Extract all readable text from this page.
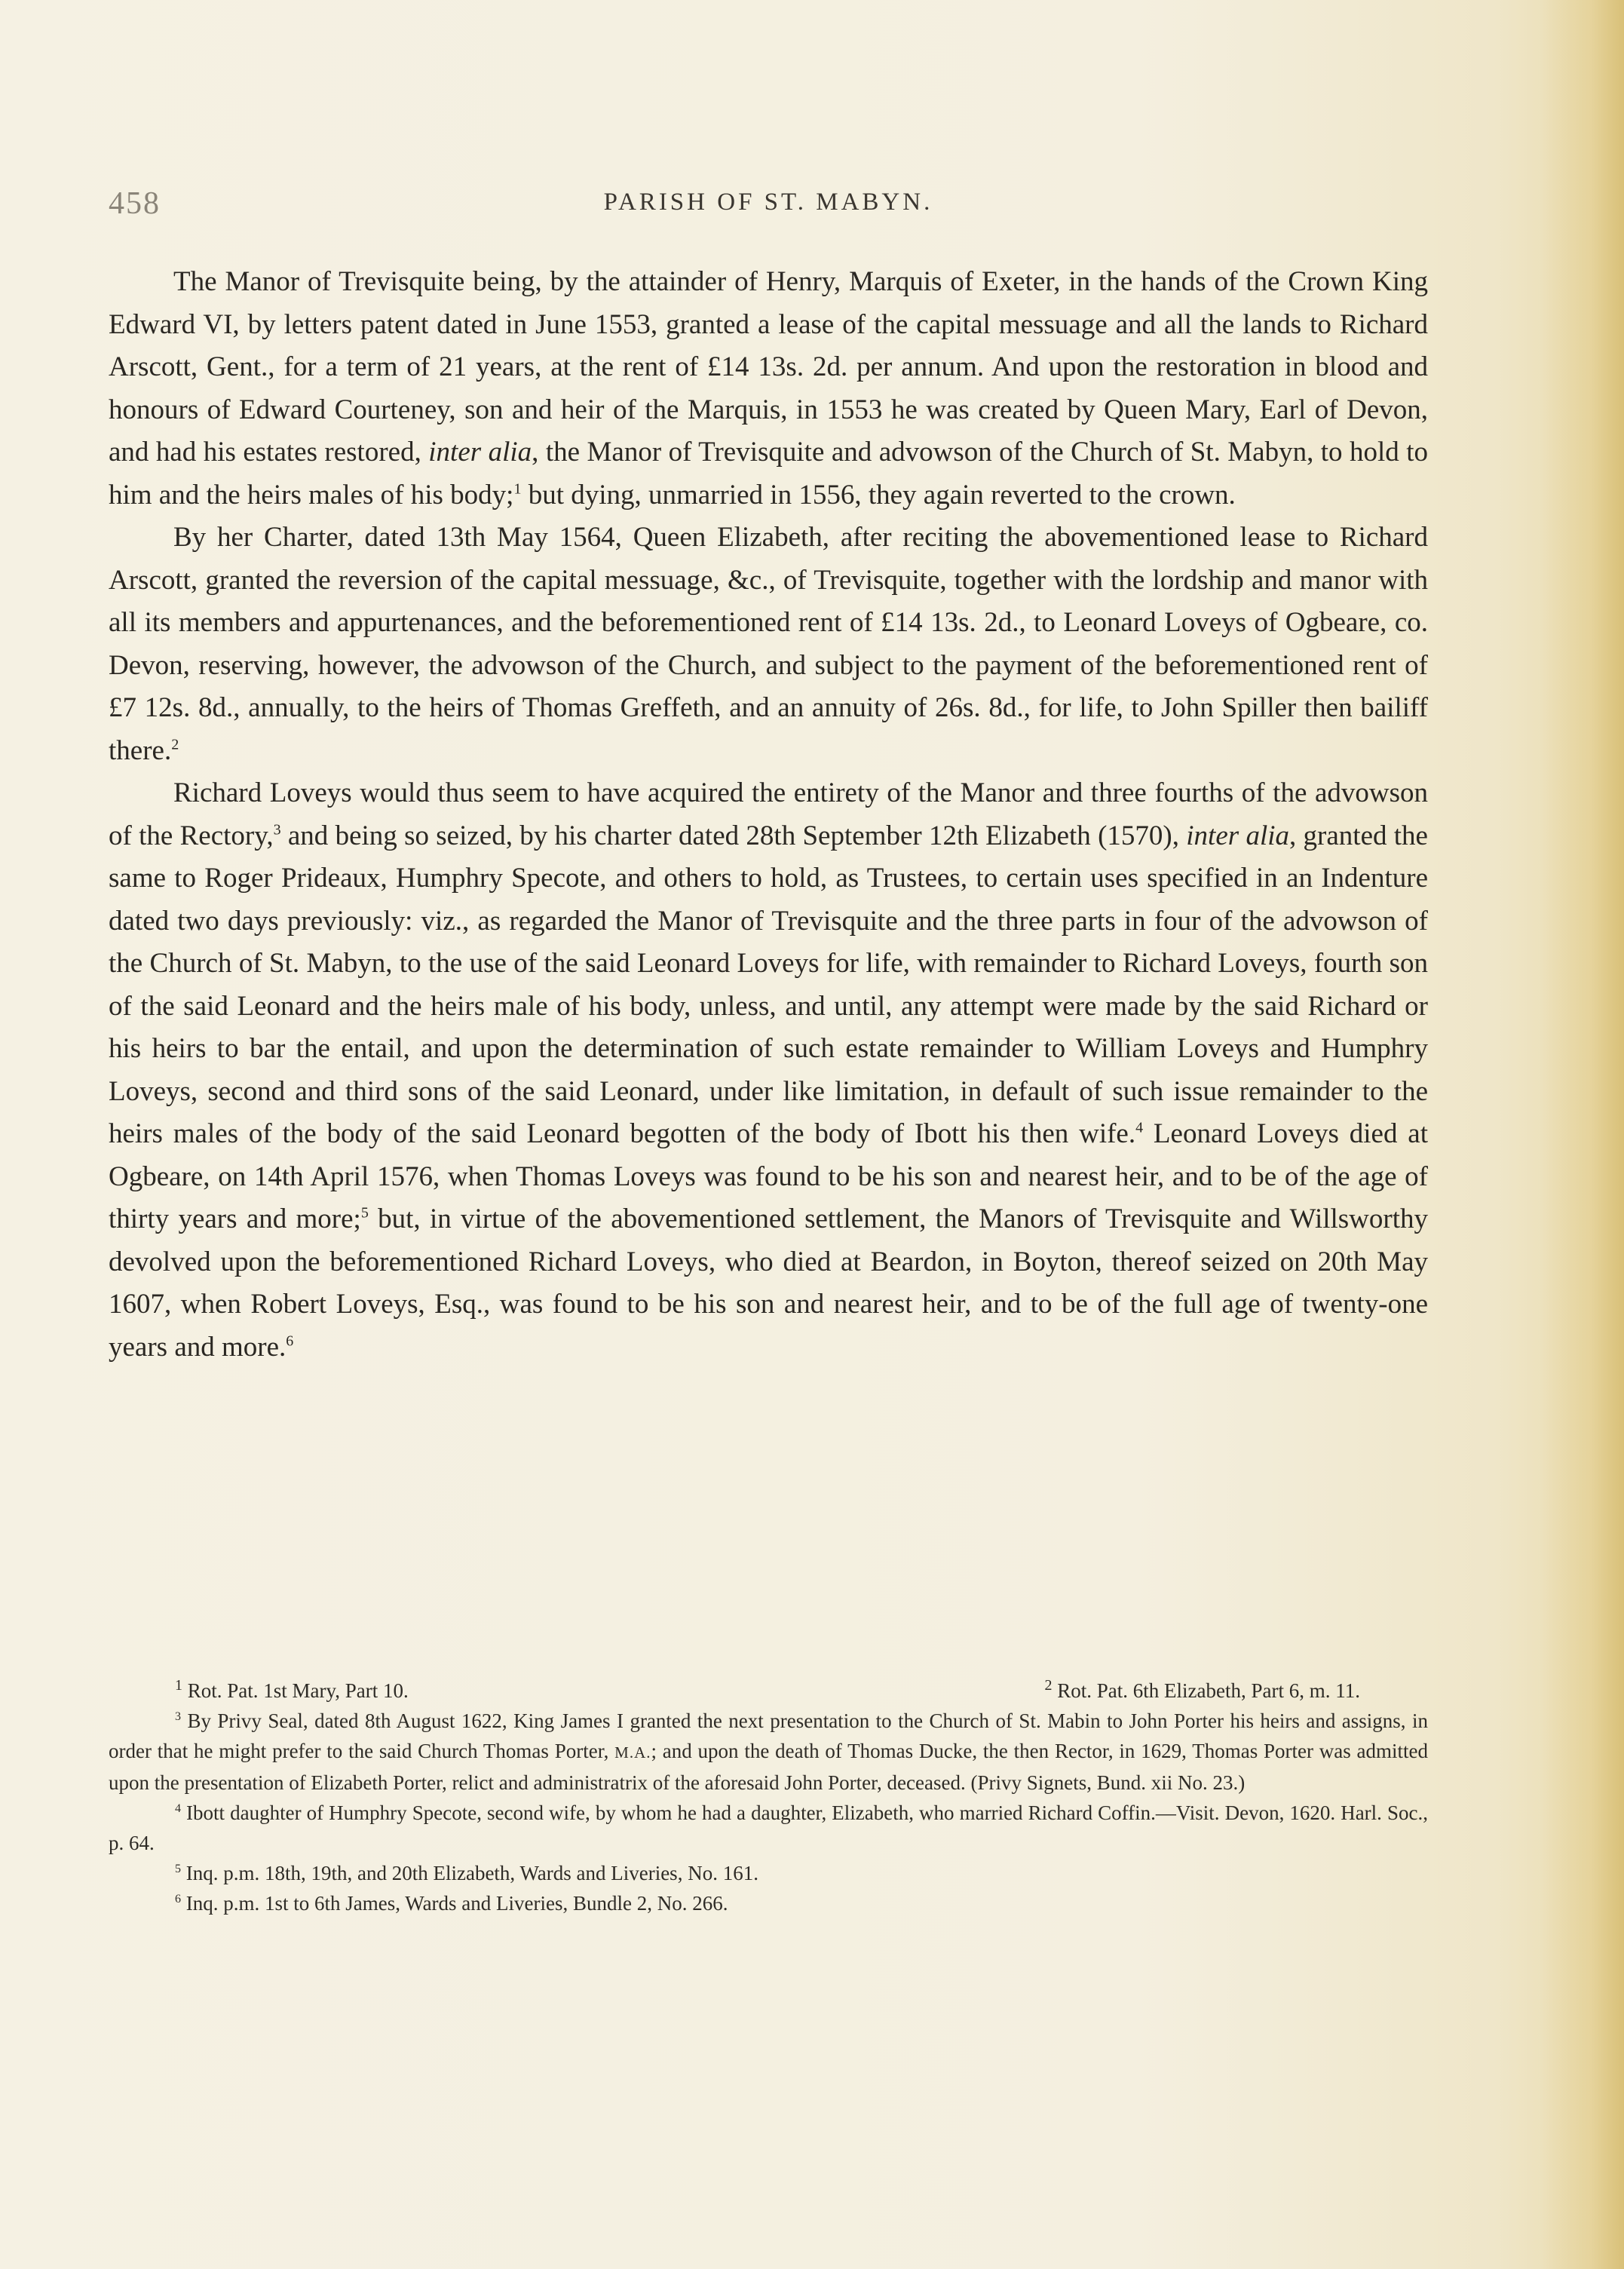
458	PARISH OF ST. MABYN.

The Manor of Trevisquite being, by the attainder of Henry, Marquis of Exeter, in the hands of the Crown King Edward VI, by letters patent dated in June 1553, granted a lease of the capital messuage and all the lands to Richard Arscott, Gent., for a term of 21 years, at the rent of £14 13s. 2d. per annum. And upon the restoration in blood and honours of Edward Courteney, son and heir of the Marquis, in 1553 he was created by Queen Mary, Earl of Devon, and had his estates restored, inter alia, the Manor of Trevisquite and advowson of the Church of St. Mabyn, to hold to him and the heirs males of his body;$^1$ but dying, unmarried in 1556, they again reverted to the crown.

By her Charter, dated 13th May 1564, Queen Elizabeth, after reciting the abovementioned lease to Richard Arscott, granted the reversion of the capital messuage, &c., of Trevisquite, together with the lordship and manor with all its members and appurtenances, and the beforementioned rent of £14 13s. 2d., to Leonard Loveys of Ogbeare, co. Devon, reserving, however, the advowson of the Church, and subject to the payment of the beforementioned rent of £7 12s. 8d., annually, to the heirs of Thomas Greffeth, and an annuity of 26s. 8d., for life, to John Spiller then bailiff there.$^2$

Richard Loveys would thus seem to have acquired the entirety of the Manor and three fourths of the advowson of the Rectory,$^3$ and being so seized, by his charter dated 28th September 12th Elizabeth (1570), inter alia, granted the same to Roger Prideaux, Humphry Specote, and others to hold, as Trustees, to certain uses specified in an Indenture dated two days previously: viz., as regarded the Manor of Trevisquite and the three parts in four of the advowson of the Church of St. Mabyn, to the use of the said Leonard Loveys for life, with remainder to Richard Loveys, fourth son of the said Leonard and the heirs male of his body, unless, and until, any attempt were made by the said Richard or his heirs to bar the entail, and upon the determination of such estate remainder to William Loveys and Humphry Loveys, second and third sons of the said Leonard, under like limitation, in default of such issue remainder to the heirs males of the body of the said Leonard begotten of the body of Ibott his then wife.$^4$ Leonard Loveys died at Ogbeare, on 14th April 1576, when Thomas Loveys was found to be his son and nearest heir, and to be of the age of thirty years and more;$^5$ but, in virtue of the abovementioned settlement, the Manors of Trevisquite and Willsworthy devolved upon the beforementioned Richard Loveys, who died at Beardon, in Boyton, thereof seized on 20th May 1607, when Robert Loveys, Esq., was found to be his son and nearest heir, and to be of the full age of twenty-one years and more.$^6$

$^1$ Rot. Pat. 1st Mary, Part 10.	$^2$ Rot. Pat. 6th Elizabeth, Part 6, m. 11.

$^3$ By Privy Seal, dated 8th August 1622, King James I granted the next presentation to the Church of St. Mabin to John Porter his heirs and assigns, in order that he might prefer to the said Church Thomas Porter, M.A.; and upon the death of Thomas Ducke, the then Rector, in 1629, Thomas Porter was admitted upon the presentation of Elizabeth Porter, relict and administratrix of the aforesaid John Porter, deceased. (Privy Signets, Bund. xii No. 23.)

$^4$ Ibott daughter of Humphry Specote, second wife, by whom he had a daughter, Elizabeth, who married Richard Coffin.—Visit. Devon, 1620. Harl. Soc., p. 64.

$^5$ Inq. p.m. 18th, 19th, and 20th Elizabeth, Wards and Liveries, No. 161.

$^6$ Inq. p.m. 1st to 6th James, Wards and Liveries, Bundle 2, No. 266.
